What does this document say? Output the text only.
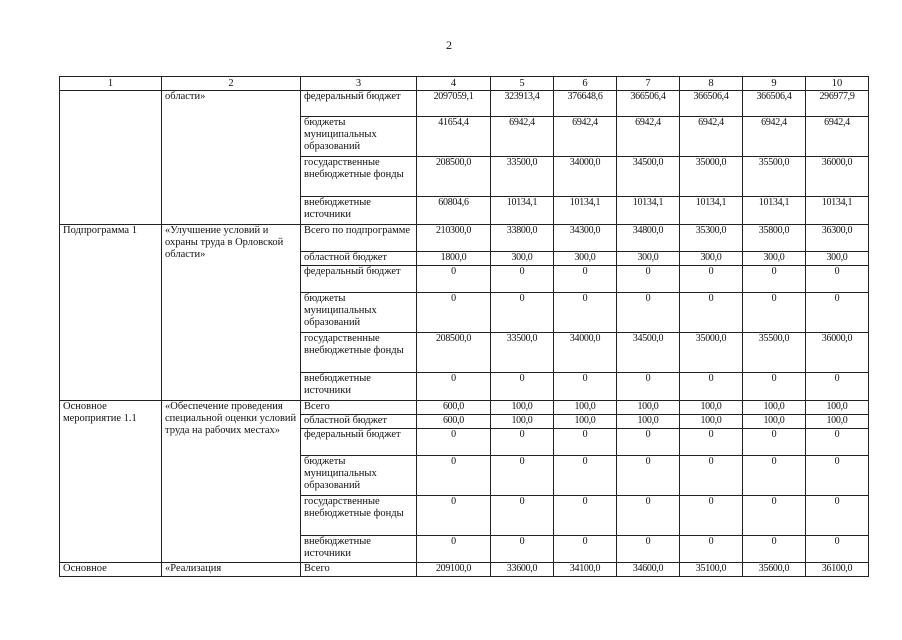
2
1	2	3	4	5	6	7	8	9	10
	области»	федеральный бюджет	2097059,1	323913,4	376648,6	366506,4	366506,4	366506,4	296977,9
		бюджеты муниципальных образований	41654,4	6942,4	6942,4	6942,4	6942,4	6942,4	6942,4
		государственные внебюджетные фонды	208500,0	33500,0	34000,0	34500,0	35000,0	35500,0	36000,0
		внебюджетные источники	60804,6	10134,1	10134,1	10134,1	10134,1	10134,1	10134,1
Подпрограмма 1	«Улучшение условий и охраны труда в Орловской области»	Всего по подпрограмме	210300,0	33800,0	34300,0	34800,0	35300,0	35800,0	36300,0
		областной бюджет	1800,0	300,0	300,0	300,0	300,0	300,0	300,0
		федеральный бюджет	0	0	0	0	0	0	0
		бюджеты муниципальных образований	0	0	0	0	0	0	0
		государственные внебюджетные фонды	208500,0	33500,0	34000,0	34500,0	35000,0	35500,0	36000,0
		внебюджетные источники	0	0	0	0	0	0	0
Основное мероприятие 1.1	«Обеспечение проведения специальной оценки условий труда на рабочих местах»	Всего	600,0	100,0	100,0	100,0	100,0	100,0	100,0
		областной бюджет	600,0	100,0	100,0	100,0	100,0	100,0	100,0
		федеральный бюджет	0	0	0	0	0	0	0
		бюджеты муниципальных образований	0	0	0	0	0	0	0
		государственные внебюджетные фонды	0	0	0	0	0	0	0
		внебюджетные источники	0	0	0	0	0	0	0
Основное	«Реализация	Всего	209100,0	33600,0	34100,0	34600,0	35100,0	35600,0	36100,0
